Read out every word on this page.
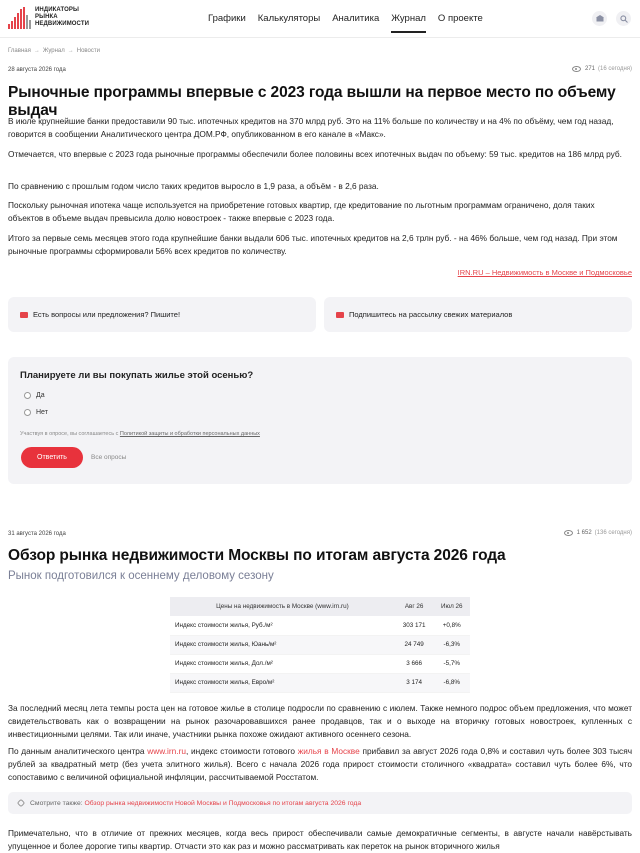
ИНДИКАТОРЫ
РЫНКА
НЕДВИЖИМОСТИ	Графики Калькуляторы Аналитика Журнал О проекте
Главная → Журнал → Новости
28 августа 2026 года	271 (16 сегодня)
Рыночные программы впервые с 2023 года вышли на первое место по объему выдач

В июле крупнейшие банки предоставили 90 тыс. ипотечных кредитов на 370 млрд руб. Это на 11% больше по количеству и на 4% по объёму, чем год назад, говорится в сообщении Аналитического центра ДОМ.РФ, опубликованном в его канале в «Макс».

Отмечается, что впервые с 2023 года рыночные программы обеспечили более половины всех ипотечных выдач по объему: 59 тыс. кредитов на 186 млрд руб.

По сравнению с прошлым годом число таких кредитов выросло в 1,9 раза, а объём - в 2,6 раза.

Поскольку рыночная ипотека чаще используется на приобретение готовых квартир, где кредитование по льготным программам ограничено, доля таких объектов в объеме выдач превысила долю новостроек - также впервые с 2023 года.

Итого за первые семь месяцев этого года крупнейшие банки выдали 606 тыс. ипотечных кредитов на 2,6 трлн руб. - на 46% больше, чем год назад. При этом рыночные программы сформировали 56% всех кредитов по количеству.

IRN.RU – Недвижимость в Москве и Подмосковье
Есть вопросы или предложения? Пишите!	Подпишитесь на рассылку свежих материалов
Планируете ли вы покупать жилье этой осенью?
Да
Нет
Участвуя в опросе, вы соглашаетесь с Политикой защиты и обработки персональных данных
Ответить	Все опросы
31 августа 2026 года	1 652 (136 сегодня)
Обзор рынка недвижимости Москвы по итогам августа 2026 года
Рынок подготовился к осеннему деловому сезону
Цены на недвижимость в Москве (www.irn.ru)	Авг 26	Июл 26
Индекс стоимости жилья, Руб./м²	303 171	+0,8%
Индекс стоимости жилья, Юань/м²	24 749	-6,3%
Индекс стоимости жилья, Дол./м²	3 666	-5,7%
Индекс стоимости жилья, Евро/м²	3 174	-6,8%

За последний месяц лета темпы роста цен на готовое жилье в столице подросли по сравнению с июлем. Также немного подрос объем предложения, что может свидетельствовать как о возвращении на рынок разочаровавшихся ранее продавцов, так и о выходе на вторичку готовых новостроек, купленных с инвестиционными целями. Так или иначе, участники рынка похоже ожидают активного осеннего сезона.

По данным аналитического центра www.irn.ru, индекс стоимости готового жилья в Москве прибавил за август 2026 года 0,8% и составил чуть более 303 тысяч рублей за квадратный метр (без учета элитного жилья). Всего с начала 2026 года прирост стоимости столичного «квадрата» составил чуть более 6%, что сопоставимо с величиной официальной инфляции, рассчитываемой Росстатом.

Смотрите также:
Обзор рынка недвижимости Новой Москвы и Подмосковья по итогам августа 2026 года

Примечательно, что в отличие от прежних месяцев, когда весь прирост обеспечивали самые демократичные сегменты, в августе начали навёрстывать упущенное и более дорогие типы квартир. Отчасти это как раз и можно рассматривать как переток на рынок вторичного жилья
